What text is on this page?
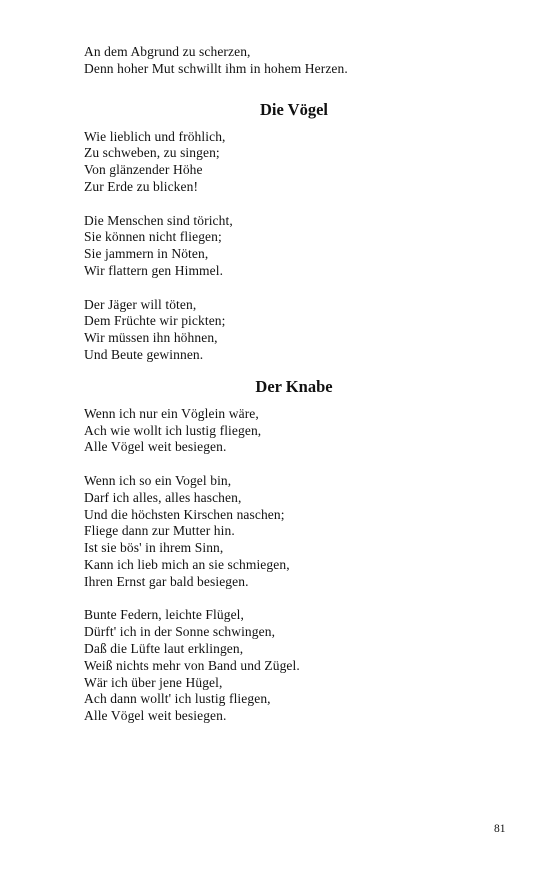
An dem Abgrund zu scherzen,
Denn hoher Mut schwillt ihm in hohem Herzen.
Die Vögel
Wie lieblich und fröhlich,
Zu schweben, zu singen;
Von glänzender Höhe
Zur Erde zu blicken!
Die Menschen sind töricht,
Sie können nicht fliegen;
Sie jammern in Nöten,
Wir flattern gen Himmel.
Der Jäger will töten,
Dem Früchte wir pickten;
Wir müssen ihn höhnen,
Und Beute gewinnen.
Der Knabe
Wenn ich nur ein Vöglein wäre,
Ach wie wollt ich lustig fliegen,
Alle Vögel weit besiegen.
Wenn ich so ein Vogel bin,
Darf ich alles, alles haschen,
Und die höchsten Kirschen naschen;
Fliege dann zur Mutter hin.
Ist sie bös' in ihrem Sinn,
Kann ich lieb mich an sie schmiegen,
Ihren Ernst gar bald besiegen.
Bunte Federn, leichte Flügel,
Dürft' ich in der Sonne schwingen,
Daß die Lüfte laut erklingen,
Weiß nichts mehr von Band und Zügel.
Wär ich über jene Hügel,
Ach dann wollt' ich lustig fliegen,
Alle Vögel weit besiegen.
81
